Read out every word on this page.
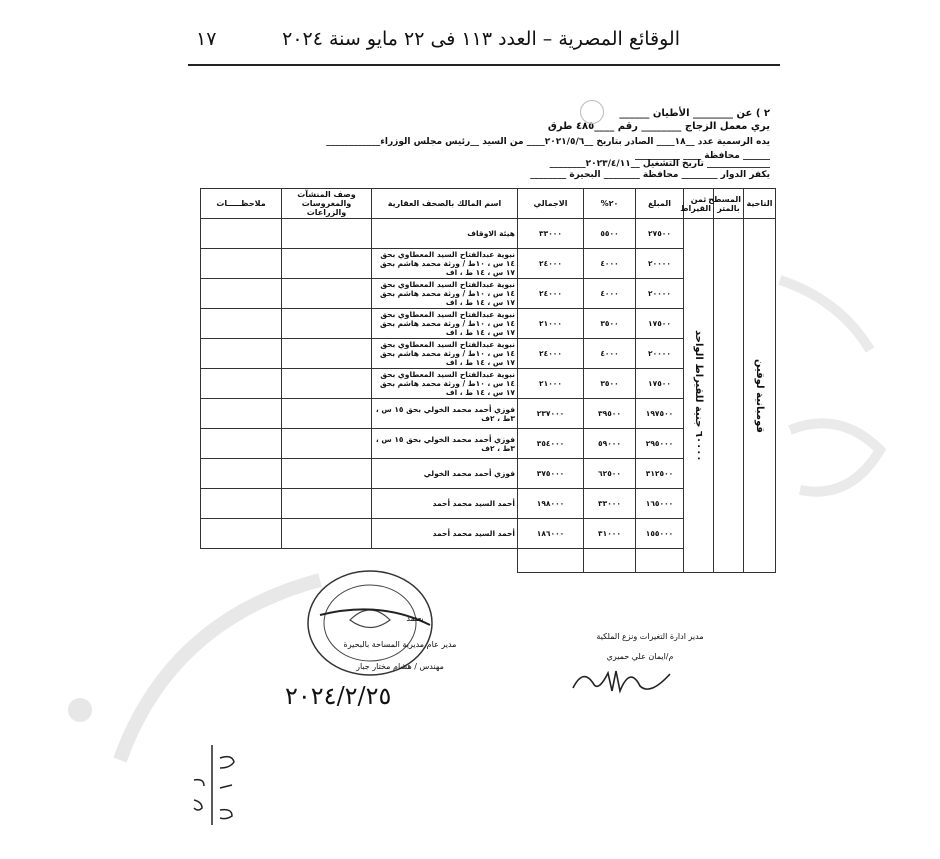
الوقائع المصرية – العدد ١١٣ فى ٢٢ مايو سنة ٢٠٢٤
١٧
٢ ) عن ________ الأطيان ______
يري معمل الزجاج ________ رقم ____٤٨٥ طرق
يده الرسمية عدد __١٨____ الصادر بتاريخ __٢٠٢١/٥/٦____ من السيد __رئيس مجلس الوزراء____________
______ محافظة ____ __________
______________ تاريخ التشغيل __٢٠٢٣/٤/١١________
يكفر الدوار ________ محافظة ________ البحيرة ________
الناحية	المسطح بالمتر	ثمن القيراط	المبلغ	٢٠%	الاجمالي	اسم المالك بالصحف العقارية	وصف المنشآت والمغروسات والزراعات	ملاحظـــــات
قومبانية لوقين		٦٠٠٠٠ جنية للقيراط الواحد	٢٧٥٠٠	٥٥٠٠	٣٣٠٠٠	هيئة الاوقاف		
			٢٠٠٠٠	٤٠٠٠	٢٤٠٠٠	نبوية عبدالفتاح السيد المعطاوي بحق ١٤ س ، ١٠ط / ورثة محمد هاشم بحق ١٧ س ، ١٤ ط ، اف		
			٢٠٠٠٠	٤٠٠٠	٢٤٠٠٠	نبوية عبدالفتاح السيد المعطاوي بحق ١٤ س ، ١٠ط / ورثة محمد هاشم بحق ١٧ س ، ١٤ ط ، اف		
			١٧٥٠٠	٣٥٠٠	٢١٠٠٠	نبوية عبدالفتاح السيد المعطاوي بحق ١٤ س ، ١٠ط / ورثة محمد هاشم بحق ١٧ س ، ١٤ ط ، اف		
			٢٠٠٠٠	٤٠٠٠	٢٤٠٠٠	نبوية عبدالفتاح السيد المعطاوي بحق ١٤ س ، ١٠ط / ورثة محمد هاشم بحق ١٧ س ، ١٤ ط ، اف		
			١٧٥٠٠	٣٥٠٠	٢١٠٠٠	نبوية عبدالفتاح السيد المعطاوي بحق ١٤ س ، ١٠ط / ورثة محمد هاشم بحق ١٧ س ، ١٤ ط ، اف		
			١٩٧٥٠٠	٣٩٥٠٠	٢٣٧٠٠٠	فوزي أحمد محمد الخولي بحق ١٥ س ، ٣ط ، ٢ف		
			٢٩٥٠٠٠	٥٩٠٠٠	٣٥٤٠٠٠	فوزي أحمد محمد الخولي بحق ١٥ س ، ٣ط ، ٢ف		
			٣١٢٥٠٠	٦٢٥٠٠	٣٧٥٠٠٠	فوزي أحمد محمد الخولي		
			١٦٥٠٠٠	٣٣٠٠٠	١٩٨٠٠٠	أحمد السيد محمد أحمد		
			١٥٥٠٠٠	٣١٠٠٠	١٨٦٠٠٠	أحمد السيد محمد أحمد		

يعتمد
مدير عام مديرية المساحة بالبحيرة
مهندس / هشام مختار جبار
مدير ادارة التغيرات ونزع الملكية
م/ايمان علي حميري
٢٠٢٤/٢/٢٥
